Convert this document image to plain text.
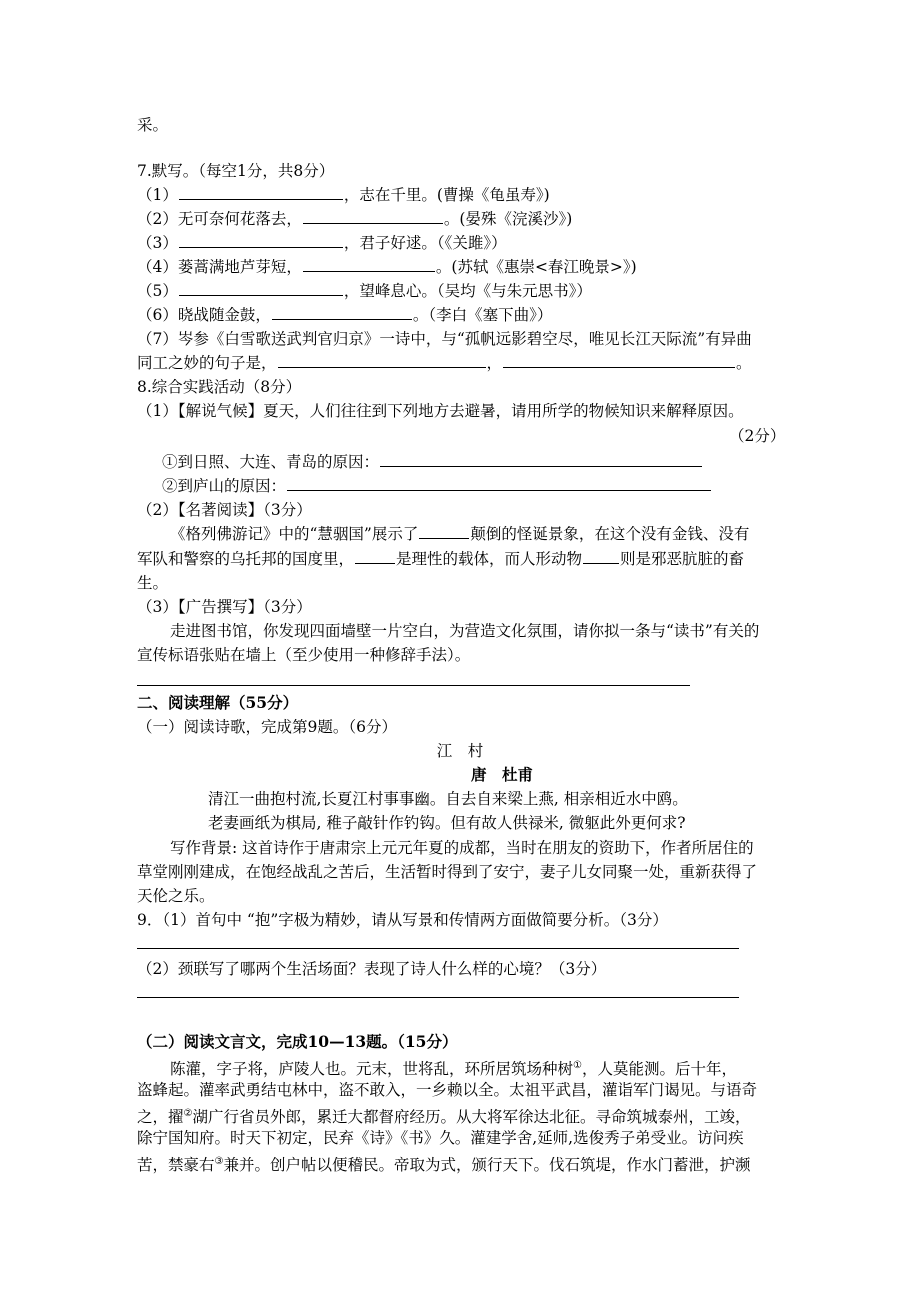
采。
7.默写。（每空1分，共8分）
（1）	，志在千里。(曹操《龟虽寿》)
（2）无可奈何花落去，	。(晏殊《浣溪沙》)
（3）	，君子好逑。（《关雎》）
（4）蒌蒿满地芦芽短，	。(苏轼《惠崇<春江晚景>》)
（5）	，望峰息心。（吴均《与朱元思书》）
（6）晓战随金鼓，	。（李白《塞下曲》）
（7）岑参《白雪歌送武判官归京》一诗中，与“孤帆远影碧空尽，唯见长江天际流”有异曲
同工之妙的句子是，	，	。
8.综合实践活动（8分）
（1）【解说气候】夏天，人们往往到下列地方去避暑，请用所学的物候知识来解释原因。
（2分）
①到日照、大连、青岛的原因：
②到庐山的原因：
（2）【名著阅读】（3分）
《格列佛游记》中的“慧骃国”展示了	颠倒的怪诞景象，在这个没有金钱、没有
军队和警察的乌托邦的国度里，	是理性的载体，而人形动物 则是邪恶肮脏的畜
生。
（3）【广告撰写】（3分）
走进图书馆，你发现四面墙壁一片空白，为营造文化氛围，请你拟一条与“读书”有关的
宣传标语张贴在墙上（至少使用一种修辞手法）。
二、阅读理解（55分）
（一）阅读诗歌，完成第9题。（6分）
江　村
唐　杜甫
清江一曲抱村流,长夏江村事事幽。自去自来梁上燕, 相亲相近水中鸥。
老妻画纸为棋局, 稚子敲针作钓钩。但有故人供禄米, 微躯此外更何求?
写作背景: 这首诗作于唐肃宗上元元年夏的成都，当时在朋友的资助下，作者所居住的
草堂刚刚建成，在饱经战乱之苦后，生活暂时得到了安宁，妻子儿女同聚一处，重新获得了
天伦之乐。
9．（1）首句中 “抱”字极为精妙，请从写景和传情两方面做简要分析。（3分）
（2）颈联写了哪两个生活场面？表现了诗人什么样的心境？（3分）
（二）阅读文言文，完成10—13题。（15分）
陈灌，字子将，庐陵人也。元末，世将乱，环所居筑场种树①，人莫能测。后十年，
盗蜂起。灌率武勇结屯林中，盗不敢入，一乡赖以全。太祖平武昌，灌诣军门谒见。与语奇
之，擢②湖广行省员外郎，累迁大都督府经历。从大将军徐达北征。寻命筑城泰州，工竣，
除宁国知府。时天下初定，民弃《诗》《书》久。灌建学舍,延师,选俊秀子弟受业。访问疾
苦，禁豪右③兼并。创户帖以便稽民。帝取为式，颁行天下。伐石筑堤，作水门蓄泄，护濒
